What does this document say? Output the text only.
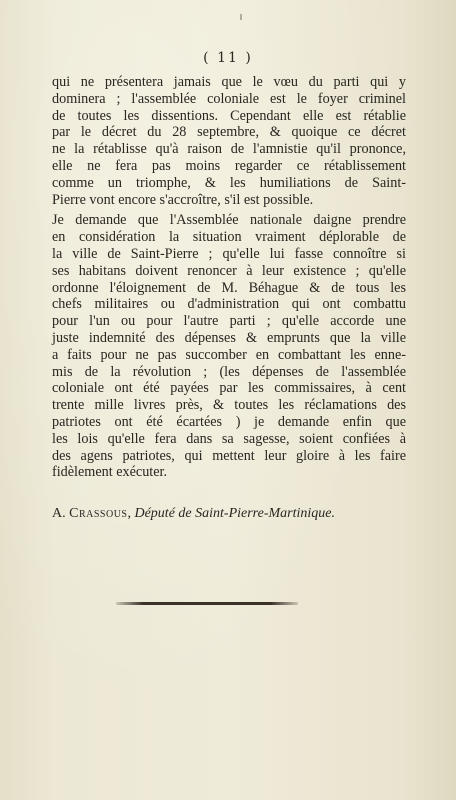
( 11 )
qui ne présentera jamais que le vœu du parti qui y
dominera ; l'assemblée coloniale est le foyer criminel
de toutes les dissentions. Cependant elle est rétablie
par le décret du 28 septembre, & quoique ce décret
ne la rétablisse qu'à raison de l'amnistie qu'il prononce,
elle ne fera pas moins regarder ce rétablissement
comme un triomphe, & les humiliations de Saint-
Pierre vont encore s'accroître, s'il est possible.
Je demande que l'Assemblée nationale daigne prendre
en considération la situation vraiment déplorable de
la ville de Saint-Pierre ; qu'elle lui fasse connoître si
ses habitans doivent renoncer à leur existence ; qu'elle
ordonne l'éloignement de M. Béhague & de tous les
chefs militaires ou d'administration qui ont combattu
pour l'un ou pour l'autre parti ; qu'elle accorde une
juste indemnité des dépenses & emprunts que la ville
a faits pour ne pas succomber en combattant les enne-
mis de la révolution ; (les dépenses de l'assemblée
coloniale ont été payées par les commissaires, à cent
trente mille livres près, & toutes les réclamations des
patriotes ont été écartées ) je demande enfin que
les lois qu'elle fera dans sa sagesse, soient confiées à
des agens patriotes, qui mettent leur gloire à les faire
fidèlement exécuter.
A. Crassous, Député de Saint-Pierre-Martinique.
